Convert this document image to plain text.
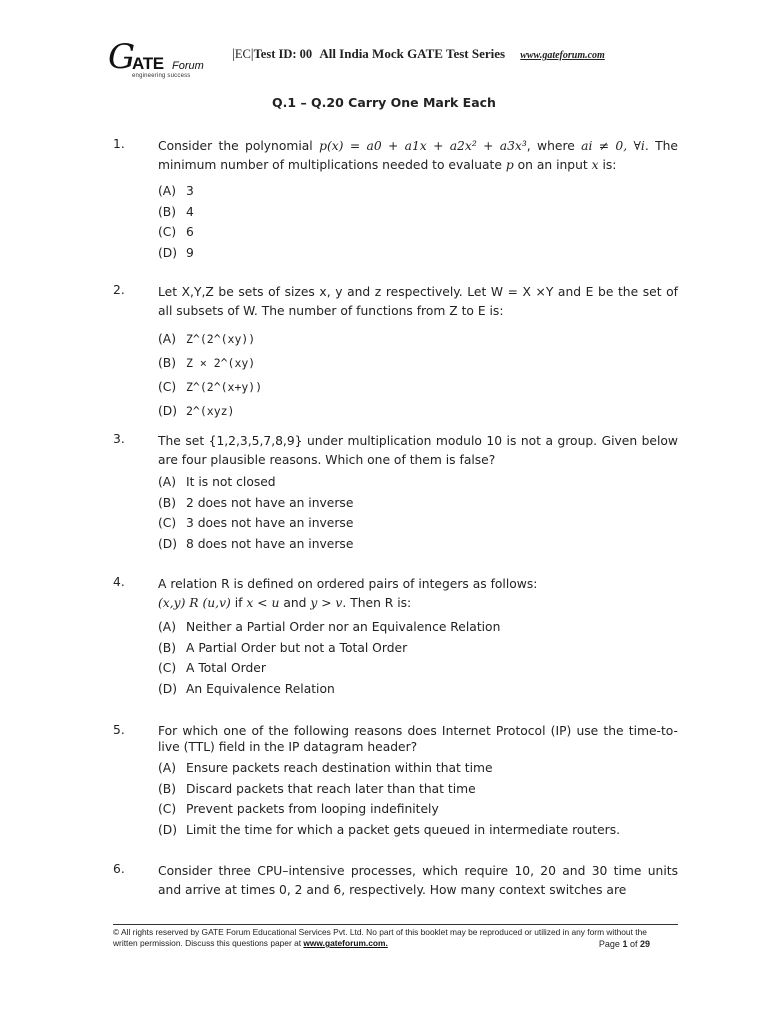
G
ATE Forum
engineering success
|EC|Test ID: 00 All India Mock GATE Test Series www.gateforum.com
Q.1 – Q.20 Carry One Mark Each
1.	Consider the polynomial p(x) = a0 + a1x + a2x² + a3x³, where ai ≠ 0, ∀i. The minimum number of multiplications needed to evaluate p on an input x is:
(A) 3
(B) 4
(C) 6
(D) 9
2.	Let X,Y,Z be sets of sizes x, y and z respectively. Let W = X ×Y and E be the set of all subsets of W. The number of functions from Z to E is:
(A) Z^(2^(xy))
(B) Z × 2^(xy)
(C) Z^(2^(x+y))
(D) 2^(xyz)
3.	The set {1,2,3,5,7,8,9} under multiplication modulo 10 is not a group. Given below are four plausible reasons. Which one of them is false?
(A) It is not closed
(B) 2 does not have an inverse
(C) 3 does not have an inverse
(D) 8 does not have an inverse
4.	A relation R is defined on ordered pairs of integers as follows:
(x,y) R (u,v) if x < u and y > v. Then R is:
(A) Neither a Partial Order nor an Equivalence Relation
(B) A Partial Order but not a Total Order
(C) A Total Order
(D) An Equivalence Relation
5.	For which one of the following reasons does Internet Protocol (IP) use the time-to-live (TTL) field in the IP datagram header?
(A) Ensure packets reach destination within that time
(B) Discard packets that reach later than that time
(C) Prevent packets from looping indefinitely
(D) Limit the time for which a packet gets queued in intermediate routers.
6.	Consider three CPU–intensive processes, which require 10, 20 and 30 time units and arrive at times 0, 2 and 6, respectively. How many context switches are
© All rights reserved by GATE Forum Educational Services Pvt. Ltd. No part of this booklet may be reproduced or utilized in any form without the
written permission. Discuss this questions paper at www.gateforum.com.	Page 1 of 29
